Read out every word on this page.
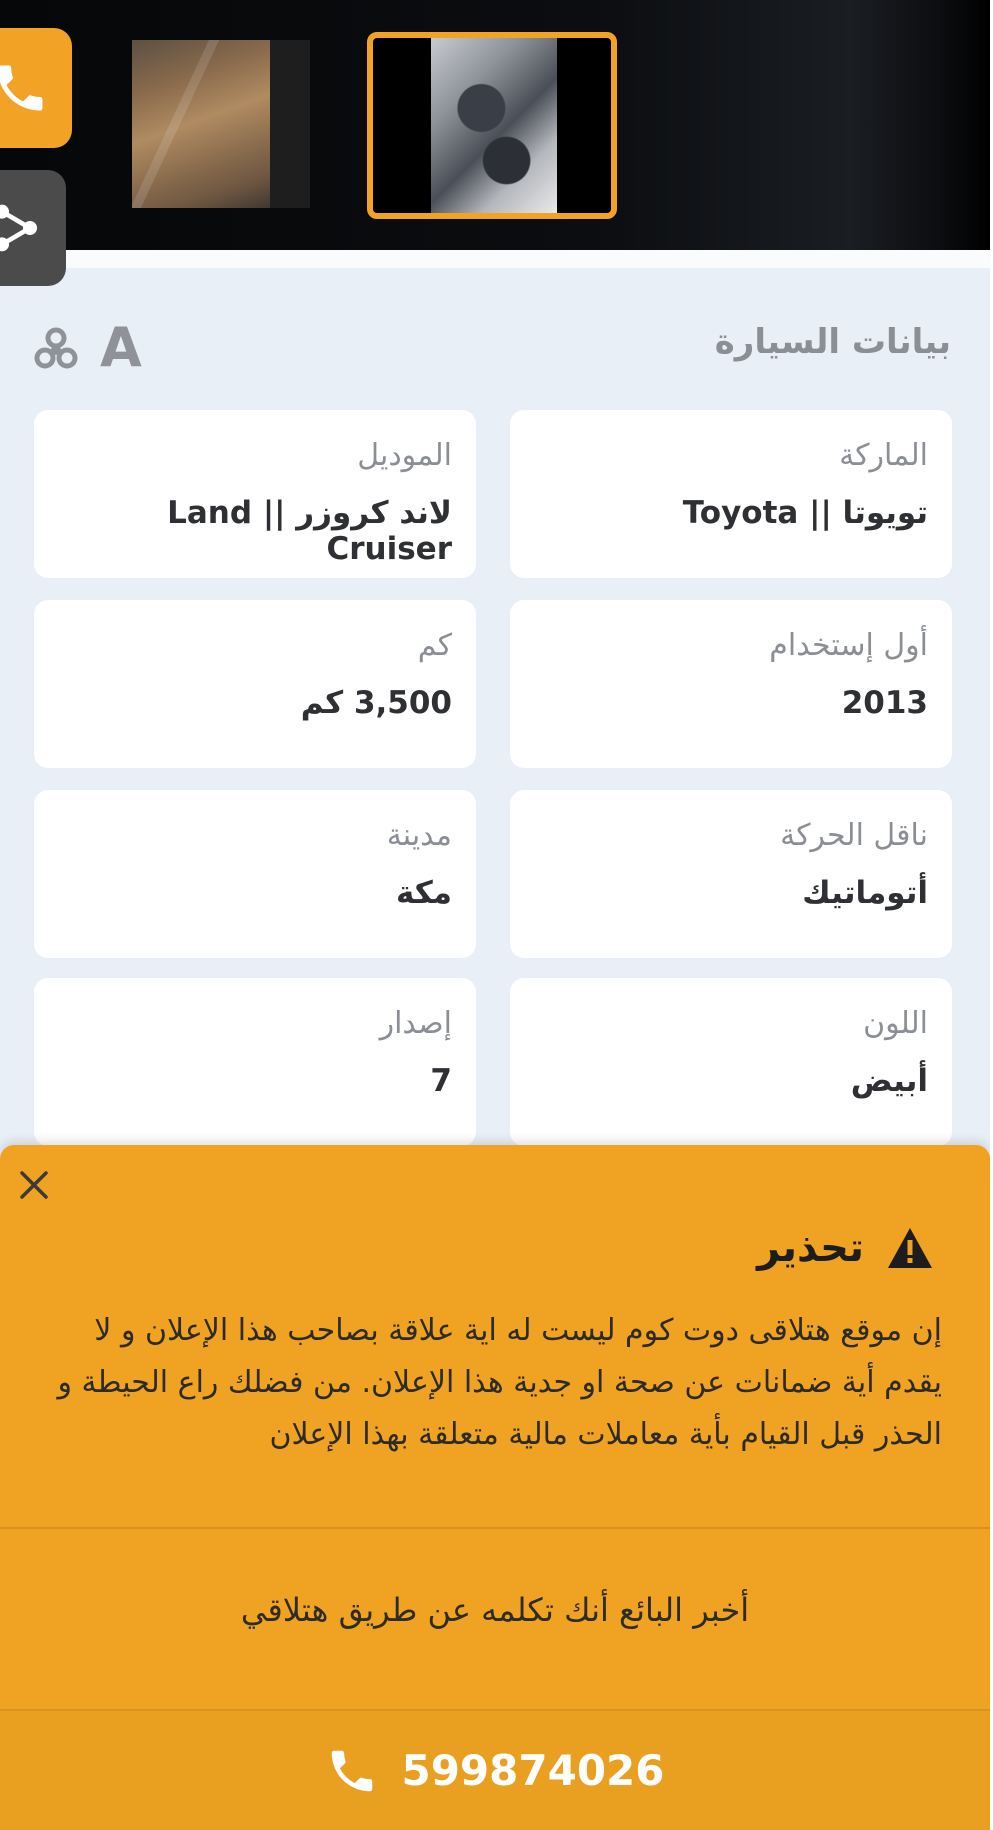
بيانات السيارة
A
الماركة
تويوتا || Toyota
الموديل
لاند كروزر || Land Cruiser
أول إستخدام
2013
كم
3,500 كم
ناقل الحركة
أتوماتيك
مدينة
مكة
اللون
أبيض
إصدار
7
تحذير
إن موقع هتلاقى دوت كوم ليست له اية علاقة بصاحب هذا الإعلان و لا يقدم أية ضمانات عن صحة او جدية هذا الإعلان. من فضلك راع الحيطة و الحذر قبل القيام بأية معاملات مالية متعلقة بهذا الإعلان
أخبر البائع أنك تكلمه عن طريق هتلاقي
599874026
